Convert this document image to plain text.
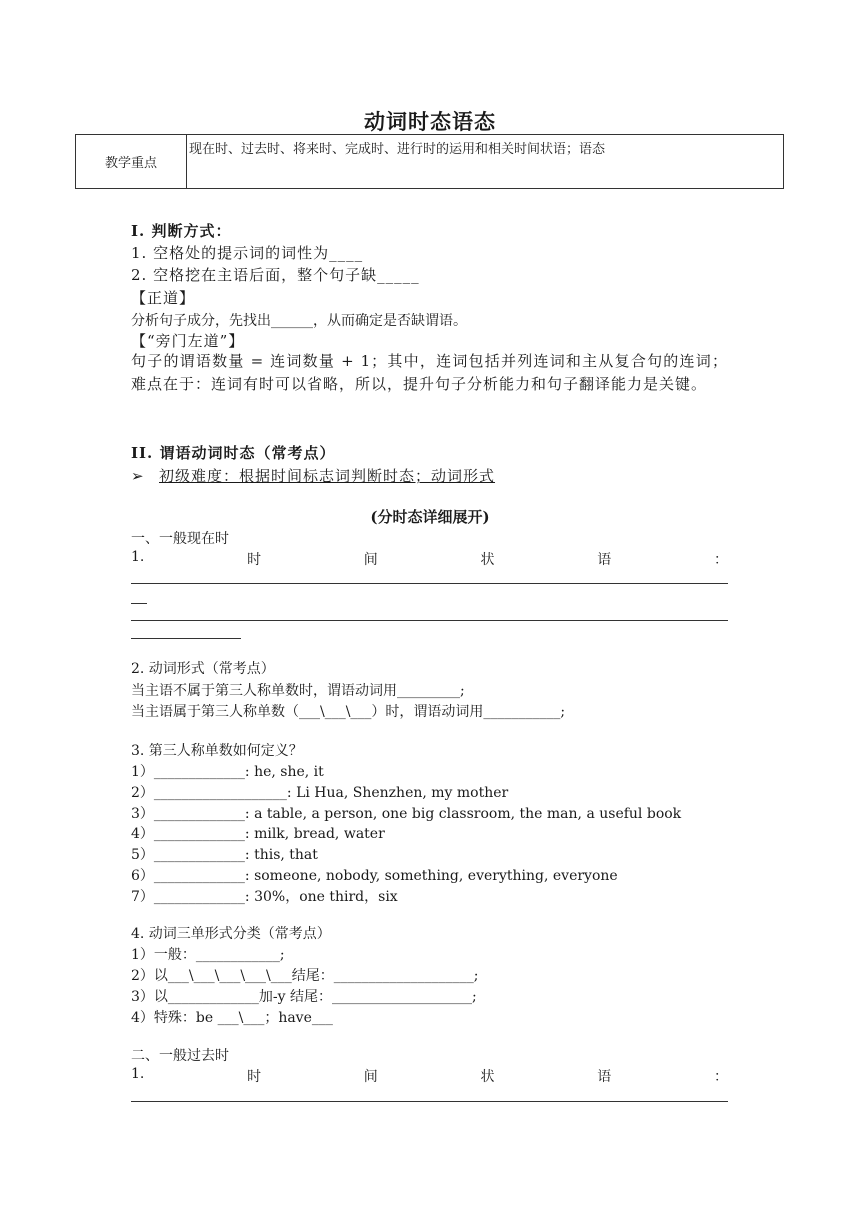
动词时态语态
教学重点	现在时、过去时、将来时、完成时、进行时的运用和相关时间状语；语态
I. 判断方式：
1. 空格处的提示词的词性为____
2. 空格挖在主语后面，整个句子缺_____
【正道】
分析句子成分，先找出______，从而确定是否缺谓语。
【“旁门左道”】
句子的谓语数量 = 连词数量 + 1；其中，连词包括并列连词和主从复合句的连词；难点在于：连词有时可以省略，所以，提升句子分析能力和句子翻译能力是关键。
II. 谓语动词时态（常考点）
➢ 初级难度：根据时间标志词判断时态；动词形式
(分时态详细展开)
一、一般现在时
1.	时	间	状	语	：
2. 动词形式（常考点）
当主语不属于第三人称单数时，谓语动词用_________;
当主语属于第三人称单数（___\___\___）时，谓语动词用___________;
3. 第三人称单数如何定义？
1）_____________: he, she, it
2）___________________: Li Hua, Shenzhen, my mother
3）_____________: a table, a person, one big classroom, the man, a useful book
4）_____________: milk, bread, water
5）_____________: this, that
6）_____________: someone, nobody, something, everything, everyone
7）_____________: 30%，one third，six
4. 动词三单形式分类（常考点）
1）一般：____________;
2）以___\___\___\___\___结尾：____________________;
3）以_____________加-y 结尾：____________________;
4）特殊：be ___\___；have___
二、一般过去时
1.	时	间	状	语	：
